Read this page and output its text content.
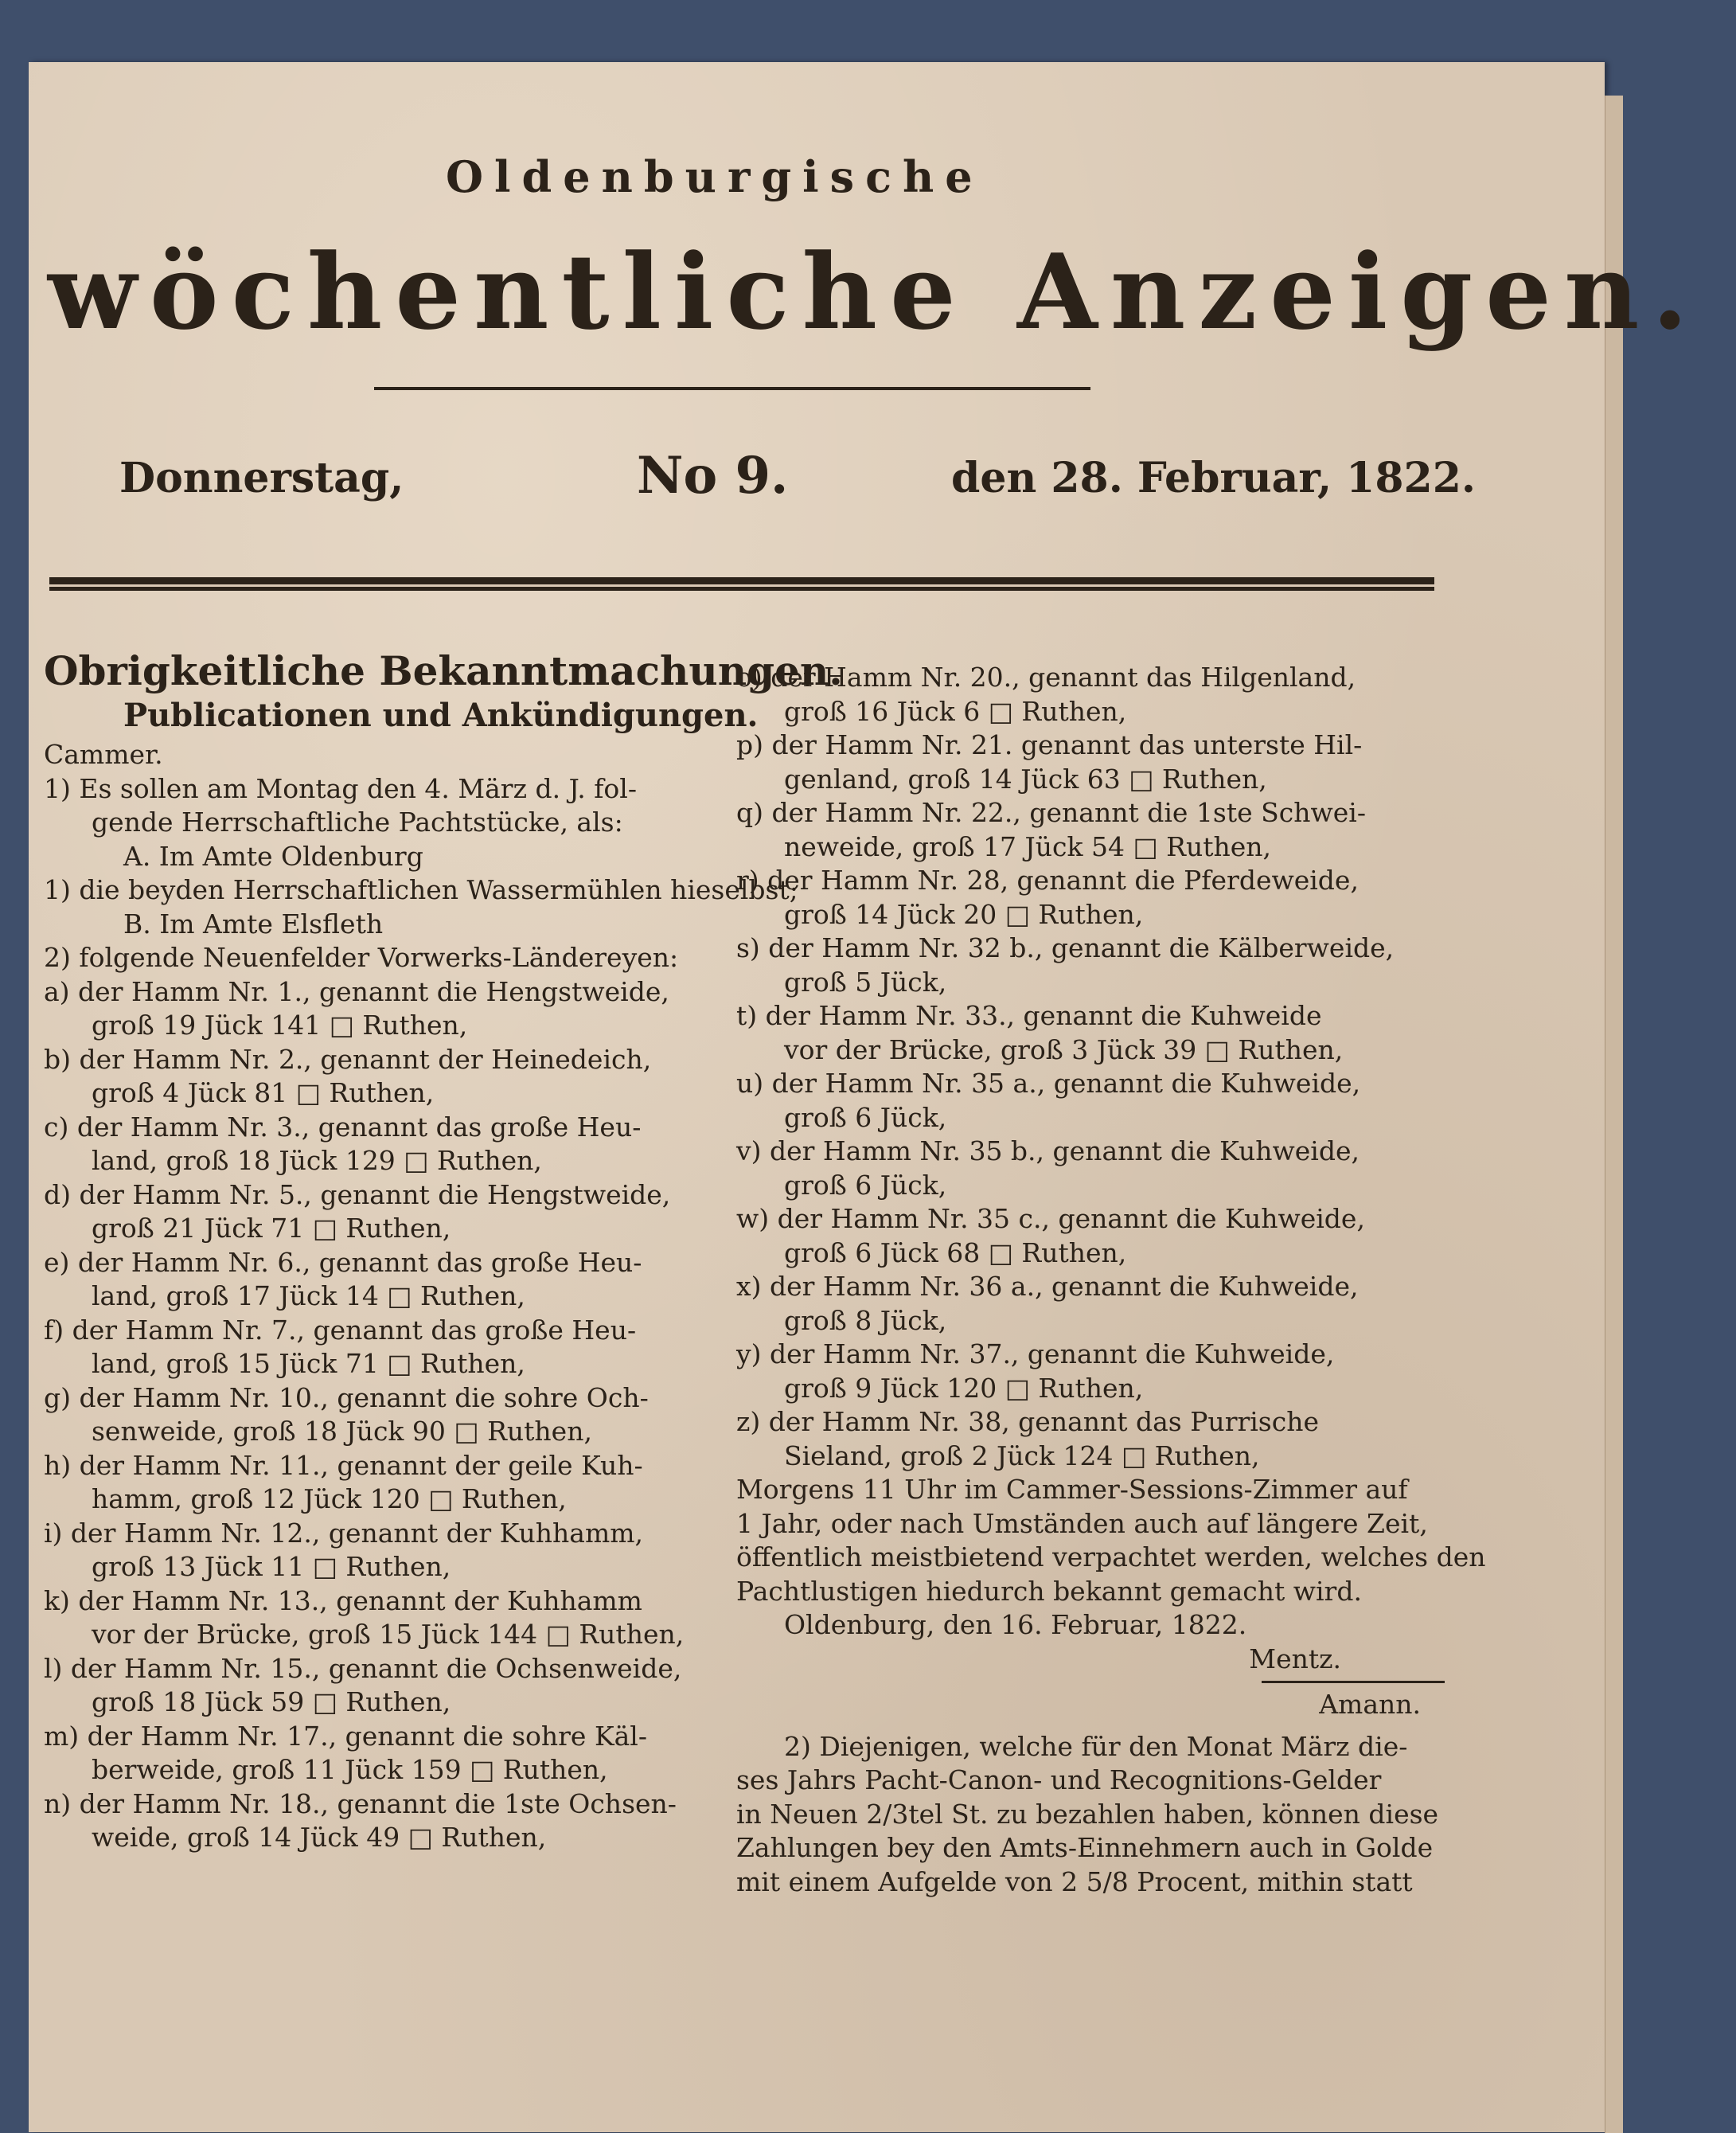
Oldenburgische
wöchentliche Anzeigen.
Donnerstag,	No 9.	den 28. Februar, 1822.
Obrigkeitliche Bekanntmachungen.
Publicationen und Ankündigungen.
Cammer.
1) Es sollen am Montag den 4. März d. J. fol-
gende Herrschaftliche Pachtstücke, als:
A. Im Amte Oldenburg
1) die beyden Herrschaftlichen Wassermühlen hieselbst;
B. Im Amte Elsfleth
2) folgende Neuenfelder Vorwerks-Ländereyen:
a) der Hamm Nr. 1., genannt die Hengstweide,
groß 19 Jück 141 □ Ruthen,
b) der Hamm Nr. 2., genannt der Heinedeich,
groß 4 Jück 81 □ Ruthen,
c) der Hamm Nr. 3., genannt das große Heu-
land, groß 18 Jück 129 □ Ruthen,
d) der Hamm Nr. 5., genannt die Hengstweide,
groß 21 Jück 71 □ Ruthen,
e) der Hamm Nr. 6., genannt das große Heu-
land, groß 17 Jück 14 □ Ruthen,
f) der Hamm Nr. 7., genannt das große Heu-
land, groß 15 Jück 71 □ Ruthen,
g) der Hamm Nr. 10., genannt die sohre Och-
senweide, groß 18 Jück 90 □ Ruthen,
h) der Hamm Nr. 11., genannt der geile Kuh-
hamm, groß 12 Jück 120 □ Ruthen,
i) der Hamm Nr. 12., genannt der Kuhhamm,
groß 13 Jück 11 □ Ruthen,
k) der Hamm Nr. 13., genannt der Kuhhamm
vor der Brücke, groß 15 Jück 144 □ Ruthen,
l) der Hamm Nr. 15., genannt die Ochsenweide,
groß 18 Jück 59 □ Ruthen,
m) der Hamm Nr. 17., genannt die sohre Käl-
berweide, groß 11 Jück 159 □ Ruthen,
n) der Hamm Nr. 18., genannt die 1ste Ochsen-
weide, groß 14 Jück 49 □ Ruthen,
o) der Hamm Nr. 20., genannt das Hilgenland,
groß 16 Jück 6 □ Ruthen,
p) der Hamm Nr. 21. genannt das unterste Hil-
genland, groß 14 Jück 63 □ Ruthen,
q) der Hamm Nr. 22., genannt die 1ste Schwei-
neweide, groß 17 Jück 54 □ Ruthen,
r) der Hamm Nr. 28, genannt die Pferdeweide,
groß 14 Jück 20 □ Ruthen,
s) der Hamm Nr. 32 b., genannt die Kälberweide,
groß 5 Jück,
t) der Hamm Nr. 33., genannt die Kuhweide
vor der Brücke, groß 3 Jück 39 □ Ruthen,
u) der Hamm Nr. 35 a., genannt die Kuhweide,
groß 6 Jück,
v) der Hamm Nr. 35 b., genannt die Kuhweide,
groß 6 Jück,
w) der Hamm Nr. 35 c., genannt die Kuhweide,
groß 6 Jück 68 □ Ruthen,
x) der Hamm Nr. 36 a., genannt die Kuhweide,
groß 8 Jück,
y) der Hamm Nr. 37., genannt die Kuhweide,
groß 9 Jück 120 □ Ruthen,
z) der Hamm Nr. 38, genannt das Purrische
Sieland, groß 2 Jück 124 □ Ruthen,
Morgens 11 Uhr im Cammer-Sessions-Zimmer auf
1 Jahr, oder nach Umständen auch auf längere Zeit,
öffentlich meistbietend verpachtet werden, welches den
Pachtlustigen hiedurch bekannt gemacht wird.
Oldenburg, den 16. Februar, 1822.
Mentz.
Amann.
2) Diejenigen, welche für den Monat März die-
ses Jahrs Pacht-Canon- und Recognitions-Gelder
in Neuen 2/3tel St. zu bezahlen haben, können diese
Zahlungen bey den Amts-Einnehmern auch in Golde
mit einem Aufgelde von 2 5/8 Procent, mithin statt
